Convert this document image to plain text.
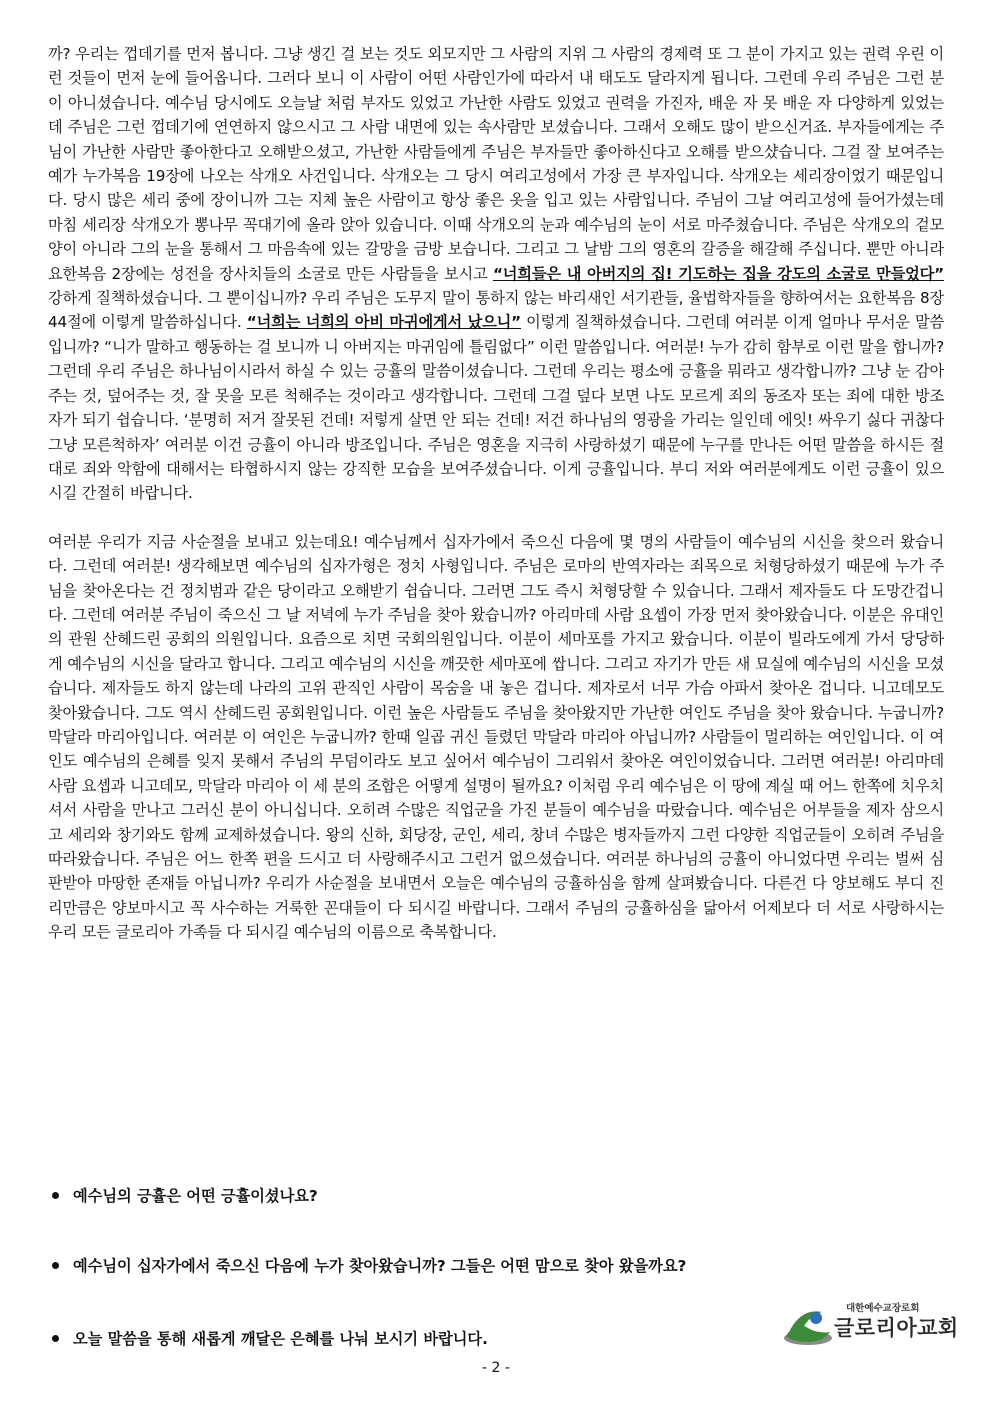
까? 우리는 껍데기를 먼저 봅니다. 그냥 생긴 걸 보는 것도 외모지만 그 사람의 지위 그 사람의 경제력 또 그 분이 가지고 있는 권력 우린 이런 것들이 먼저 눈에 들어옵니다. 그러다 보니 이 사람이 어떤 사람인가에 따라서 내 태도도 달라지게 됩니다. 그런데 우리 주님은 그런 분이 아니셨습니다. 예수님 당시에도 오늘날 처럼 부자도 있었고 가난한 사람도 있었고 권력을 가진자, 배운 자 못 배운 자 다양하게 있었는데 주님은 그런 껍데기에 연연하지 않으시고 그 사람 내면에 있는 속사람만 보셨습니다. 그래서 오해도 많이 받으신거죠. 부자들에게는 주님이 가난한 사람만 좋아한다고 오해받으셨고, 가난한 사람들에게 주님은 부자들만 좋아하신다고 오해를 받으샸습니다. 그걸 잘 보여주는 예가 누가복음 19장에 나오는 삭개오 사건입니다. 삭개오는 그 당시 여리고성에서 가장 큰 부자입니다. 삭개오는 세리장이었기 때문입니다. 당시 많은 세리 중에 장이니까 그는 지체 높은 사람이고 항상 좋은 옷을 입고 있는 사람입니다. 주님이 그날 여리고성에 들어가셨는데 마침 세리장 삭개오가 뽕나무 꼭대기에 올라 앉아 있습니다. 이때 삭개오의 눈과 예수님의 눈이 서로 마주쳤습니다. 주님은 삭개오의 겉모양이 아니라 그의 눈을 통해서 그 마음속에 있는 갈망을 금방 보습니다. 그리고 그 날밤 그의 영혼의 갈증을 해갈해 주십니다. 뿐만 아니라 요한복음 2장에는 성전을 장사치들의 소굴로 만든 사람들을 보시고 “너희들은 내 아버지의 집! 기도하는 집을 강도의 소굴로 만들었다” 강하게 질책하셨습니다. 그 뿐이십니까? 우리 주님은 도무지 말이 통하지 않는 바리새인 서기관들, 율법학자들을 향하여서는 요한복음 8장 44절에 이렇게 말씀하십니다. “너희는 너희의 아비 마귀에게서 났으니” 이렇게 질책하셨습니다. 그런데 여러분 이게 얼마나 무서운 말씀입니까? “니가 말하고 행동하는 걸 보니까 니 아버지는 마귀임에 틀림없다” 이런 말씀입니다. 여러분! 누가 감히 함부로 이런 말을 합니까? 그런데 우리 주님은 하나님이시라서 하실 수 있는 긍휼의 말씀이셨습니다. 그런데 우리는 평소에 긍휼을 뭐라고 생각합니까? 그냥 눈 감아주는 것, 덮어주는 것, 잘 못을 모른 척해주는 것이라고 생각합니다. 그런데 그걸 덮다 보면 나도 모르게 죄의 동조자 또는 죄에 대한 방조자가 되기 쉽습니다. ‘분명히 저거 잘못된 건데! 저렇게 살면 안 되는 건데! 저건 하나님의 영광을 가리는 일인데 에잇! 싸우기 싫다 귀찮다 그냥 모른척하자’ 여러분 이건 긍휼이 아니라 방조입니다. 주님은 영혼을 지극히 사랑하셨기 때문에 누구를 만나든 어떤 말씀을 하시든 절대로 죄와 악함에 대해서는 타협하시지 않는 강직한 모습을 보여주셨습니다. 이게 긍휼입니다. 부디 저와 여러분에게도 이런 긍휼이 있으시길 간절히 바랍니다.

여러분 우리가 지금 사순절을 보내고 있는데요! 예수님께서 십자가에서 죽으신 다음에 몇 명의 사람들이 예수님의 시신을 찾으러 왔습니다. 그런데 여러분! 생각해보면 예수님의 십자가형은 정치 사형입니다. 주님은 로마의 반역자라는 죄목으로 처형당하셨기 때문에 누가 주님을 찾아온다는 건 정치범과 같은 당이라고 오해받기 쉽습니다. 그러면 그도 즉시 처형당할 수 있습니다. 그래서 제자들도 다 도망간겁니다. 그런데 여러분 주님이 죽으신 그 날 저녁에 누가 주님을 찾아 왔습니까? 아리마데 사람 요셉이 가장 먼저 찾아왔습니다. 이분은 유대인의 관원 산헤드린 공회의 의원입니다. 요즘으로 치면 국회의원입니다. 이분이 세마포를 가지고 왔습니다. 이분이 빌라도에게 가서 당당하게 예수님의 시신을 달라고 합니다. 그리고 예수님의 시신을 깨끗한 세마포에 쌉니다. 그리고 자기가 만든 새 묘실에 예수님의 시신을 모셨습니다. 제자들도 하지 않는데 나라의 고위 관직인 사람이 목숨을 내 놓은 겁니다. 제자로서 너무 가슴 아파서 찾아온 겁니다. 니고데모도 찾아왔습니다. 그도 역시 산헤드린 공회원입니다. 이런 높은 사람들도 주님을 찾아왔지만 가난한 여인도 주님을 찾아 왔습니다. 누굽니까? 막달라 마리아입니다. 여러분 이 여인은 누굽니까? 한때 일곱 귀신 들렸던 막달라 마리아 아닙니까? 사람들이 멀리하는 여인입니다. 이 여인도 예수님의 은혜를 잊지 못해서 주님의 무덤이라도 보고 싶어서 예수님이 그리워서 찾아온 여인이었습니다. 그러면 여러분! 아리마데 사람 요셉과 니고데모, 막달라 마리아 이 세 분의 조합은 어떻게 설명이 될까요? 이처럼 우리 예수님은 이 땅에 계실 때 어느 한쪽에 치우치셔서 사람을 만나고 그러신 분이 아니십니다. 오히려 수많은 직업군을 가진 분들이 예수님을 따랐습니다. 예수님은 어부들을 제자 삼으시고 세리와 창기와도 함께 교제하셨습니다. 왕의 신하, 회당장, 군인, 세리, 창녀 수많은 병자들까지 그런 다양한 직업군들이 오히려 주님을 따라왔습니다. 주님은 어느 한쪽 편을 드시고 더 사랑해주시고 그런거 없으셨습니다. 여러분 하나님의 긍휼이 아니었다면 우리는 벌써 심판받아 마땅한 존재들 아닙니까? 우리가 사순절을 보내면서 오늘은 예수님의 긍휼하심을 함께 살펴봤습니다. 다른건 다 양보해도 부디 진리만큼은 양보마시고 꼭 사수하는 거룩한 꼰대들이 다 되시길 바랍니다. 그래서 주님의 긍휼하심을 닮아서 어제보다 더 서로 사랑하시는 우리 모든 글로리아 가족들 다 되시길 예수님의 이름으로 축복합니다.

예수님의 긍휼은 어떤 긍휼이셨나요?
예수님이 십자가에서 죽으신 다음에 누가 찾아왔습니까? 그들은 어떤 맘으로 찾아 왔을까요?
오늘 말씀을 통해 새롭게 깨달은 은혜를 나눠 보시기 바랍니다.
대한예수교장로회
글로리아교회
- 2 -
